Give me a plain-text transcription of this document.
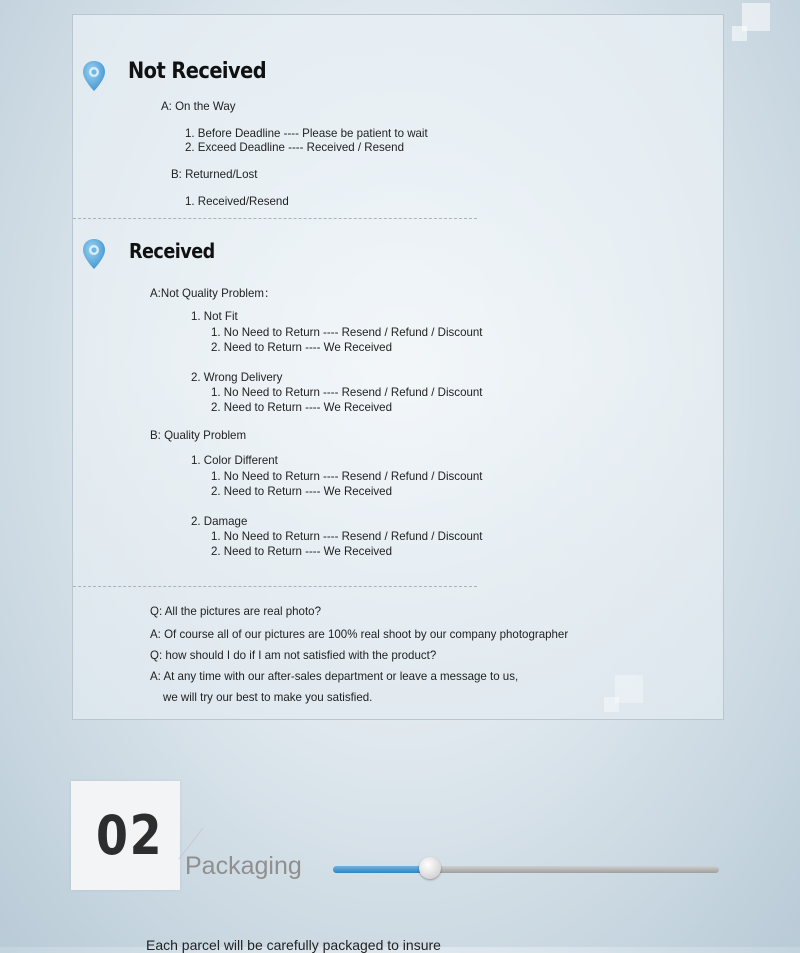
Not Received
A: On the Way
1. Before Deadline ---- Please be patient to wait
2. Exceed Deadline ---- Received / Resend
B: Returned/Lost
1. Received/Resend
Received
A:Not Quality Problem：
1. Not Fit
1. No Need to Return ---- Resend / Refund / Discount
2. Need to Return ---- We Received
2. Wrong Delivery
1. No Need to Return ---- Resend / Refund / Discount
2. Need to Return ---- We Received
B: Quality Problem
1. Color Different
1. No Need to Return ---- Resend / Refund / Discount
2. Need to Return ---- We Received
2. Damage
1. No Need to Return ---- Resend / Refund / Discount
2. Need to Return ---- We Received
Q: All the pictures are real photo?
A: Of course all of our pictures are 100% real shoot by our company photographer
Q: how should I do if I am not satisfied with the product?
A: At any time with our after-sales department or leave a message to us,
we will try our best to make you satisfied.
02 Packaging
Each parcel will be carefully packaged to insure
